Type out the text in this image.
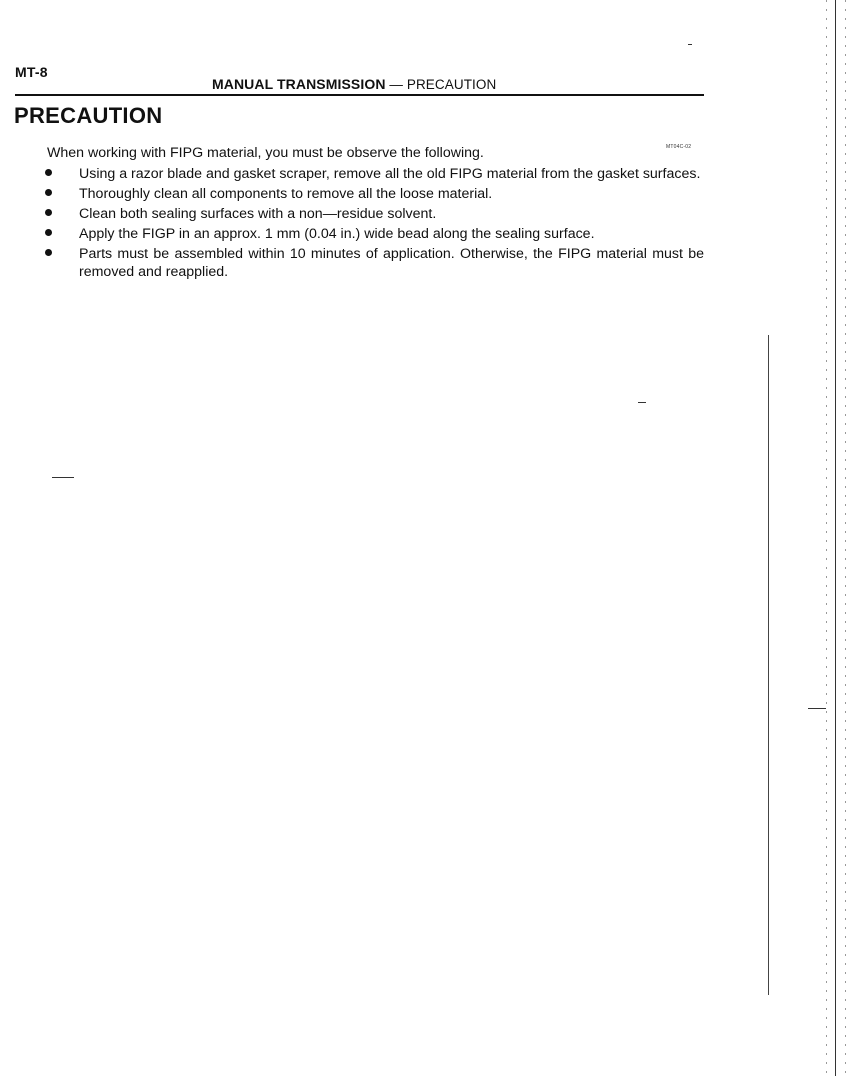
MT-8
MANUAL TRANSMISSION — PRECAUTION
PRECAUTION
MT04C-02
When working with FIPG material, you must be observe the following.
Using a razor blade and gasket scraper, remove all the old FIPG material from the gasket surfaces.
Thoroughly clean all components to remove all the loose material.
Clean both sealing surfaces with a non—residue solvent.
Apply the FIGP in an approx. 1 mm (0.04 in.) wide bead along the sealing surface.
Parts must be assembled within 10 minutes of application. Otherwise, the FIPG material must be removed and reapplied.
